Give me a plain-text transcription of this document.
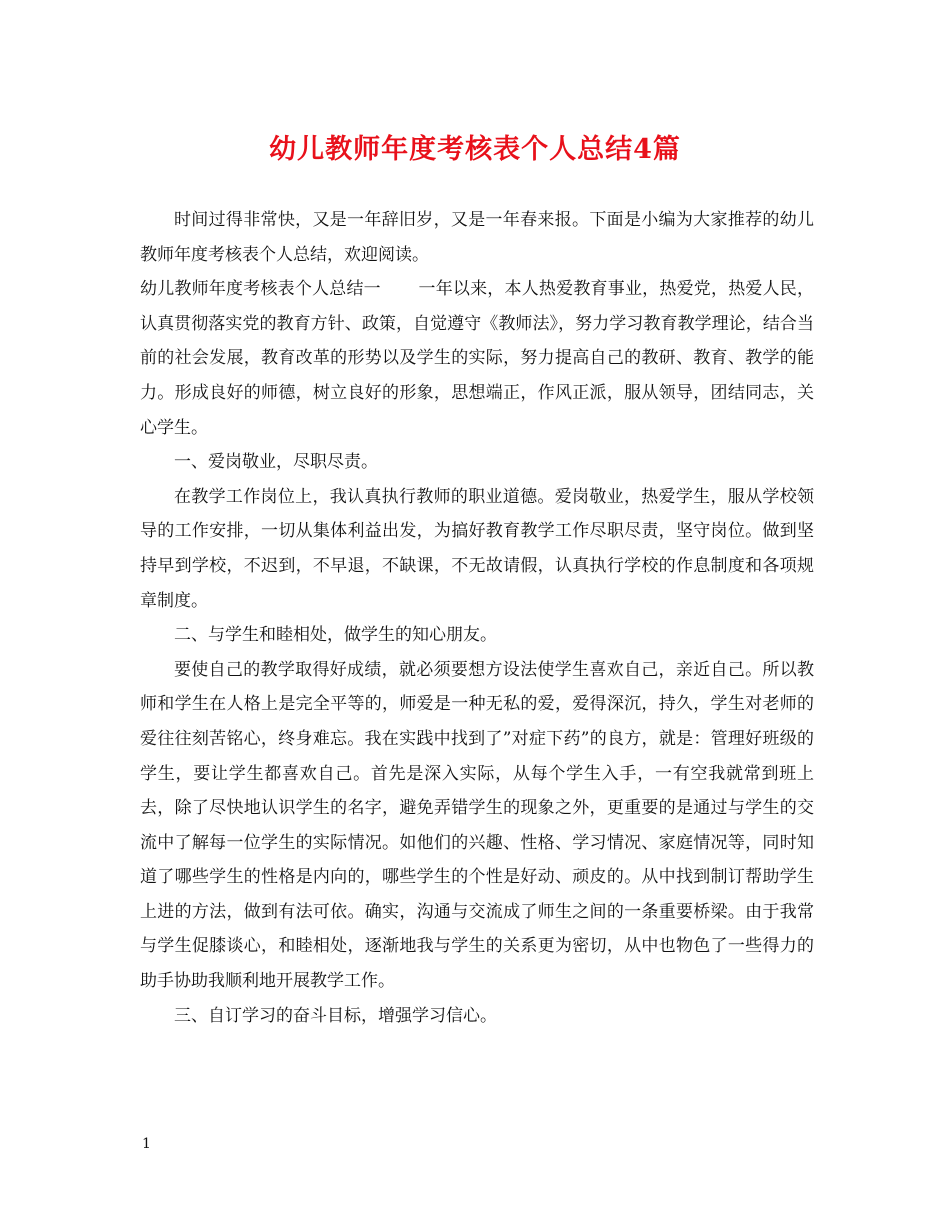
幼儿教师年度考核表个人总结4篇

时间过得非常快，又是一年辞旧岁，又是一年春来报。下面是小编为大家推荐的幼儿教师年度考核表个人总结，欢迎阅读。

幼儿教师年度考核表个人总结一 一年以来，本人热爱教育事业，热爱党，热爱人民，认真贯彻落实党的教育方针、政策，自觉遵守《教师法》，努力学习教育教学理论，结合当前的社会发展，教育改革的形势以及学生的实际，努力提高自己的教研、教育、教学的能力。形成良好的师德，树立良好的形象，思想端正，作风正派，服从领导，团结同志，关心学生。

一、爱岗敬业，尽职尽责。

在教学工作岗位上，我认真执行教师的职业道德。爱岗敬业，热爱学生，服从学校领导的工作安排，一切从集体利益出发，为搞好教育教学工作尽职尽责，坚守岗位。做到坚持早到学校，不迟到，不早退，不缺课，不无故请假，认真执行学校的作息制度和各项规章制度。

二、与学生和睦相处，做学生的知心朋友。

要使自己的教学取得好成绩，就必须要想方设法使学生喜欢自己，亲近自己。所以教师和学生在人格上是完全平等的，师爱是一种无私的爱，爱得深沉，持久，学生对老师的爱往往刻苦铭心，终身难忘。我在实践中找到了”对症下药”的良方，就是：管理好班级的学生，要让学生都喜欢自己。首先是深入实际，从每个学生入手，一有空我就常到班上去，除了尽快地认识学生的名字，避免弄错学生的现象之外，更重要的是通过与学生的交流中了解每一位学生的实际情况。如他们的兴趣、性格、学习情况、家庭情况等，同时知道了哪些学生的性格是内向的，哪些学生的个性是好动、顽皮的。从中找到制订帮助学生上进的方法，做到有法可依。确实，沟通与交流成了师生之间的一条重要桥梁。由于我常与学生促膝谈心，和睦相处，逐渐地我与学生的关系更为密切，从中也物色了一些得力的助手协助我顺利地开展教学工作。

三、自订学习的奋斗目标，增强学习信心。

1
